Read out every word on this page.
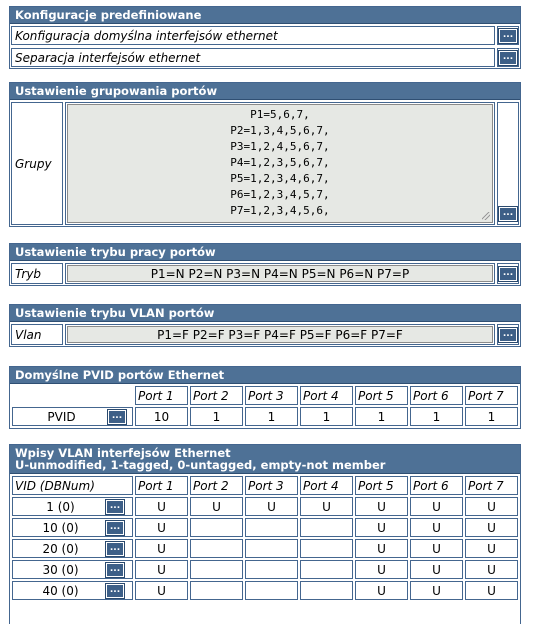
Konfiguracje predefiniowane
Konfiguracja domyślna interfejsów ethernet	...
Separacja interfejsów ethernet	...
Ustawienie grupowania portów
Grupy
P1=5,6,7,
P2=1,3,4,5,6,7,
P3=1,2,4,5,6,7,
P4=1,2,3,5,6,7,
P5=1,2,3,4,6,7,
P6=1,2,3,4,5,7,
P7=1,2,3,4,5,6,	...
Ustawienie trybu pracy portów
Tryb	P1=N P2=N P3=N P4=N P5=N P6=N P7=P	...
Ustawienie trybu VLAN portów
Vlan	P1=F P2=F P3=F P4=F P5=F P6=F P7=F	...
Domyślne PVID portów Ethernet
	Port 1	Port 2	Port 3	Port 4	Port 5	Port 6	Port 7

PVID ...	10	1	1	1	1	1	1
Wpisy VLAN interfejsów Ethernet
U-unmodified, 1-tagged, 0-untagged, empty-not member
VID (DBNum)	Port 1	Port 2	Port 3	Port 4	Port 5	Port 6	Port 7

1 (0) ...	U	U	U	U	U	U	U

10 (0) ...	U				U	U	U

20 (0) ...	U				U	U	U

30 (0) ...	U				U	U	U

40 (0) ...	U				U	U	U
